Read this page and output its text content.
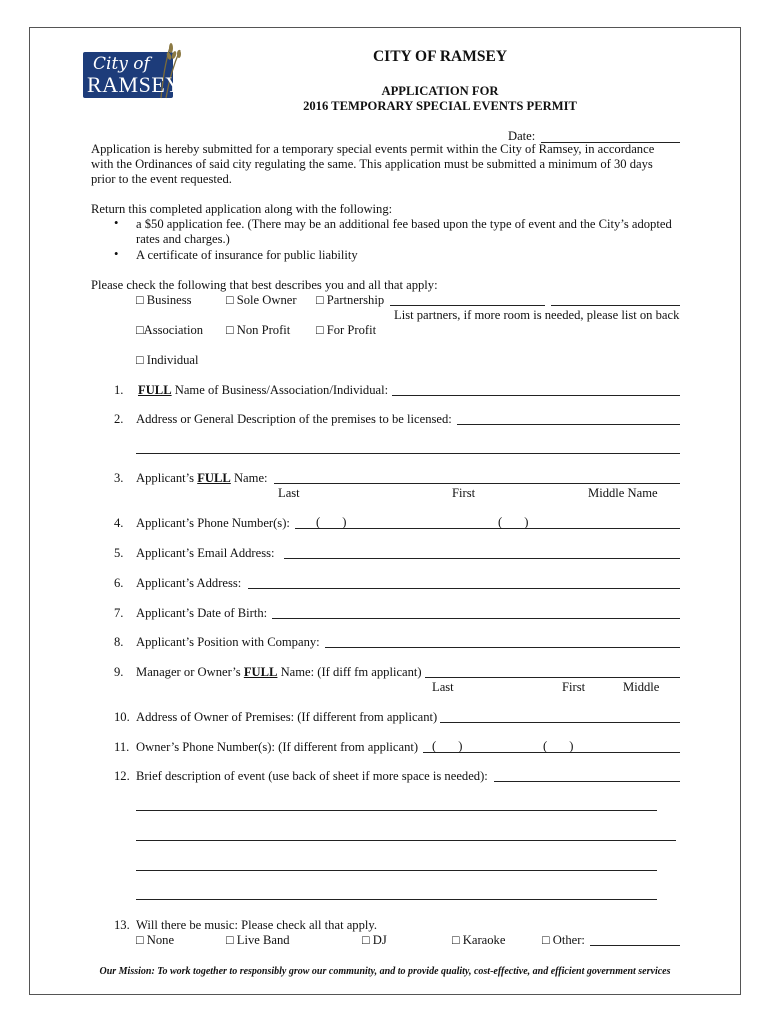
City of
RAMSEY
CITY OF RAMSEY
APPLICATION FOR
2016 TEMPORARY SPECIAL EVENTS PERMIT
Date:
Application is hereby submitted for a temporary special events permit within the City of Ramsey, in accordance
with the Ordinances of said city regulating the same. This application must be submitted a minimum of 30 days
prior to the event requested.
Return this completed application along with the following:
• a $50 application fee. (There may be an additional fee based upon the type of event and the City’s adopted
rates and charges.)
• A certificate of insurance for public liability
Please check the following that best describes you and all that apply:
□ Business	□ Sole Owner □ Partnership
List partners, if more room is needed, please list on back
□Association □ Non Profit □ For Profit
□ Individual
1. FULL Name of Business/Association/Individual:
2. Address or General Description of the premises to be licensed:
3. Applicant’s FULL Name:
Last	First	Middle Name
4. Applicant’s Phone Number(s): (       )	(       )
5. Applicant’s Email Address:
6. Applicant’s Address:
7. Applicant’s Date of Birth:
8. Applicant’s Position with Company:
9. Manager or Owner’s FULL Name: (If diff fm applicant)
Last	First	Middle
10. Address of Owner of Premises: (If different from applicant)
11. Owner’s Phone Number(s): (If different from applicant) (       )	(       )
12. Brief description of event (use back of sheet if more space is needed):
13. Will there be music: Please check all that apply.
□ None	□ Live Band	□ DJ	□ Karaoke	□ Other:
Our Mission: To work together to responsibly grow our community, and to provide quality, cost-effective, and efficient government services
